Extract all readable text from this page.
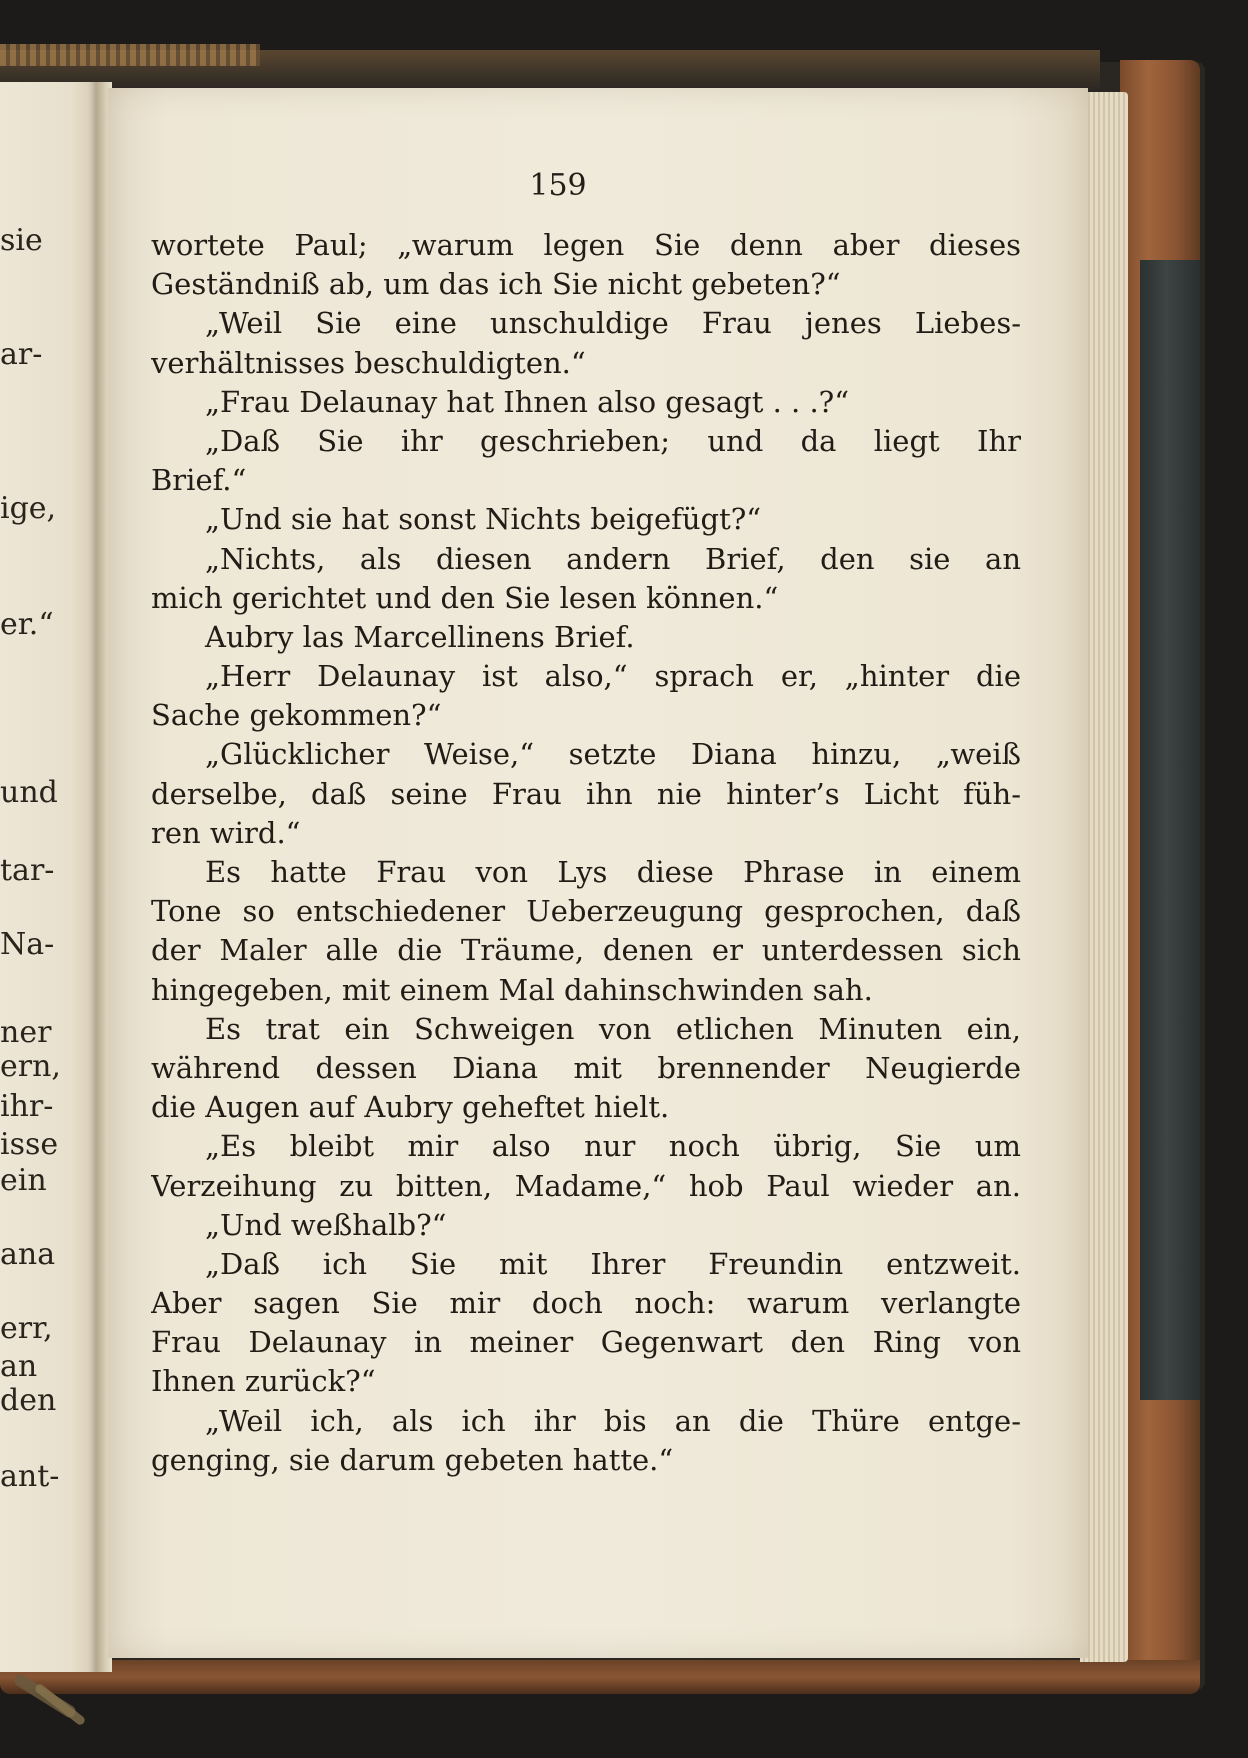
sie
ar-
ige,
er.“
und
tar-
Na-
ner
ern,
ihr-
isse
ein
ana
err,
an
den
ant-

159

wortete Paul; „warum legen Sie denn aber dieses
Geständniß ab, um das ich Sie nicht gebeten?“
„Weil Sie eine unschuldige Frau jenes Liebes-
verhältnisses beschuldigten.“
„Frau Delaunay hat Ihnen also gesagt . . .?“
„Daß Sie ihr geschrieben; und da liegt Ihr
Brief.“
„Und sie hat sonst Nichts beigefügt?“
„Nichts, als diesen andern Brief, den sie an
mich gerichtet und den Sie lesen können.“
Aubry las Marcellinens Brief.
„Herr Delaunay ist also,“ sprach er, „hinter die
Sache gekommen?“
„Glücklicher Weise,“ setzte Diana hinzu, „weiß
derselbe, daß seine Frau ihn nie hinter’s Licht füh-
ren wird.“
Es hatte Frau von Lys diese Phrase in einem
Tone so entschiedener Ueberzeugung gesprochen, daß
der Maler alle die Träume, denen er unterdessen sich
hingegeben, mit einem Mal dahinschwinden sah.
Es trat ein Schweigen von etlichen Minuten ein,
während dessen Diana mit brennender Neugierde
die Augen auf Aubry geheftet hielt.
„Es bleibt mir also nur noch übrig, Sie um
Verzeihung zu bitten, Madame,“ hob Paul wieder an.
„Und weßhalb?“
„Daß ich Sie mit Ihrer Freundin entzweit.
Aber sagen Sie mir doch noch: warum verlangte
Frau Delaunay in meiner Gegenwart den Ring von
Ihnen zurück?“
„Weil ich, als ich ihr bis an die Thüre entge-
genging, sie darum gebeten hatte.“
